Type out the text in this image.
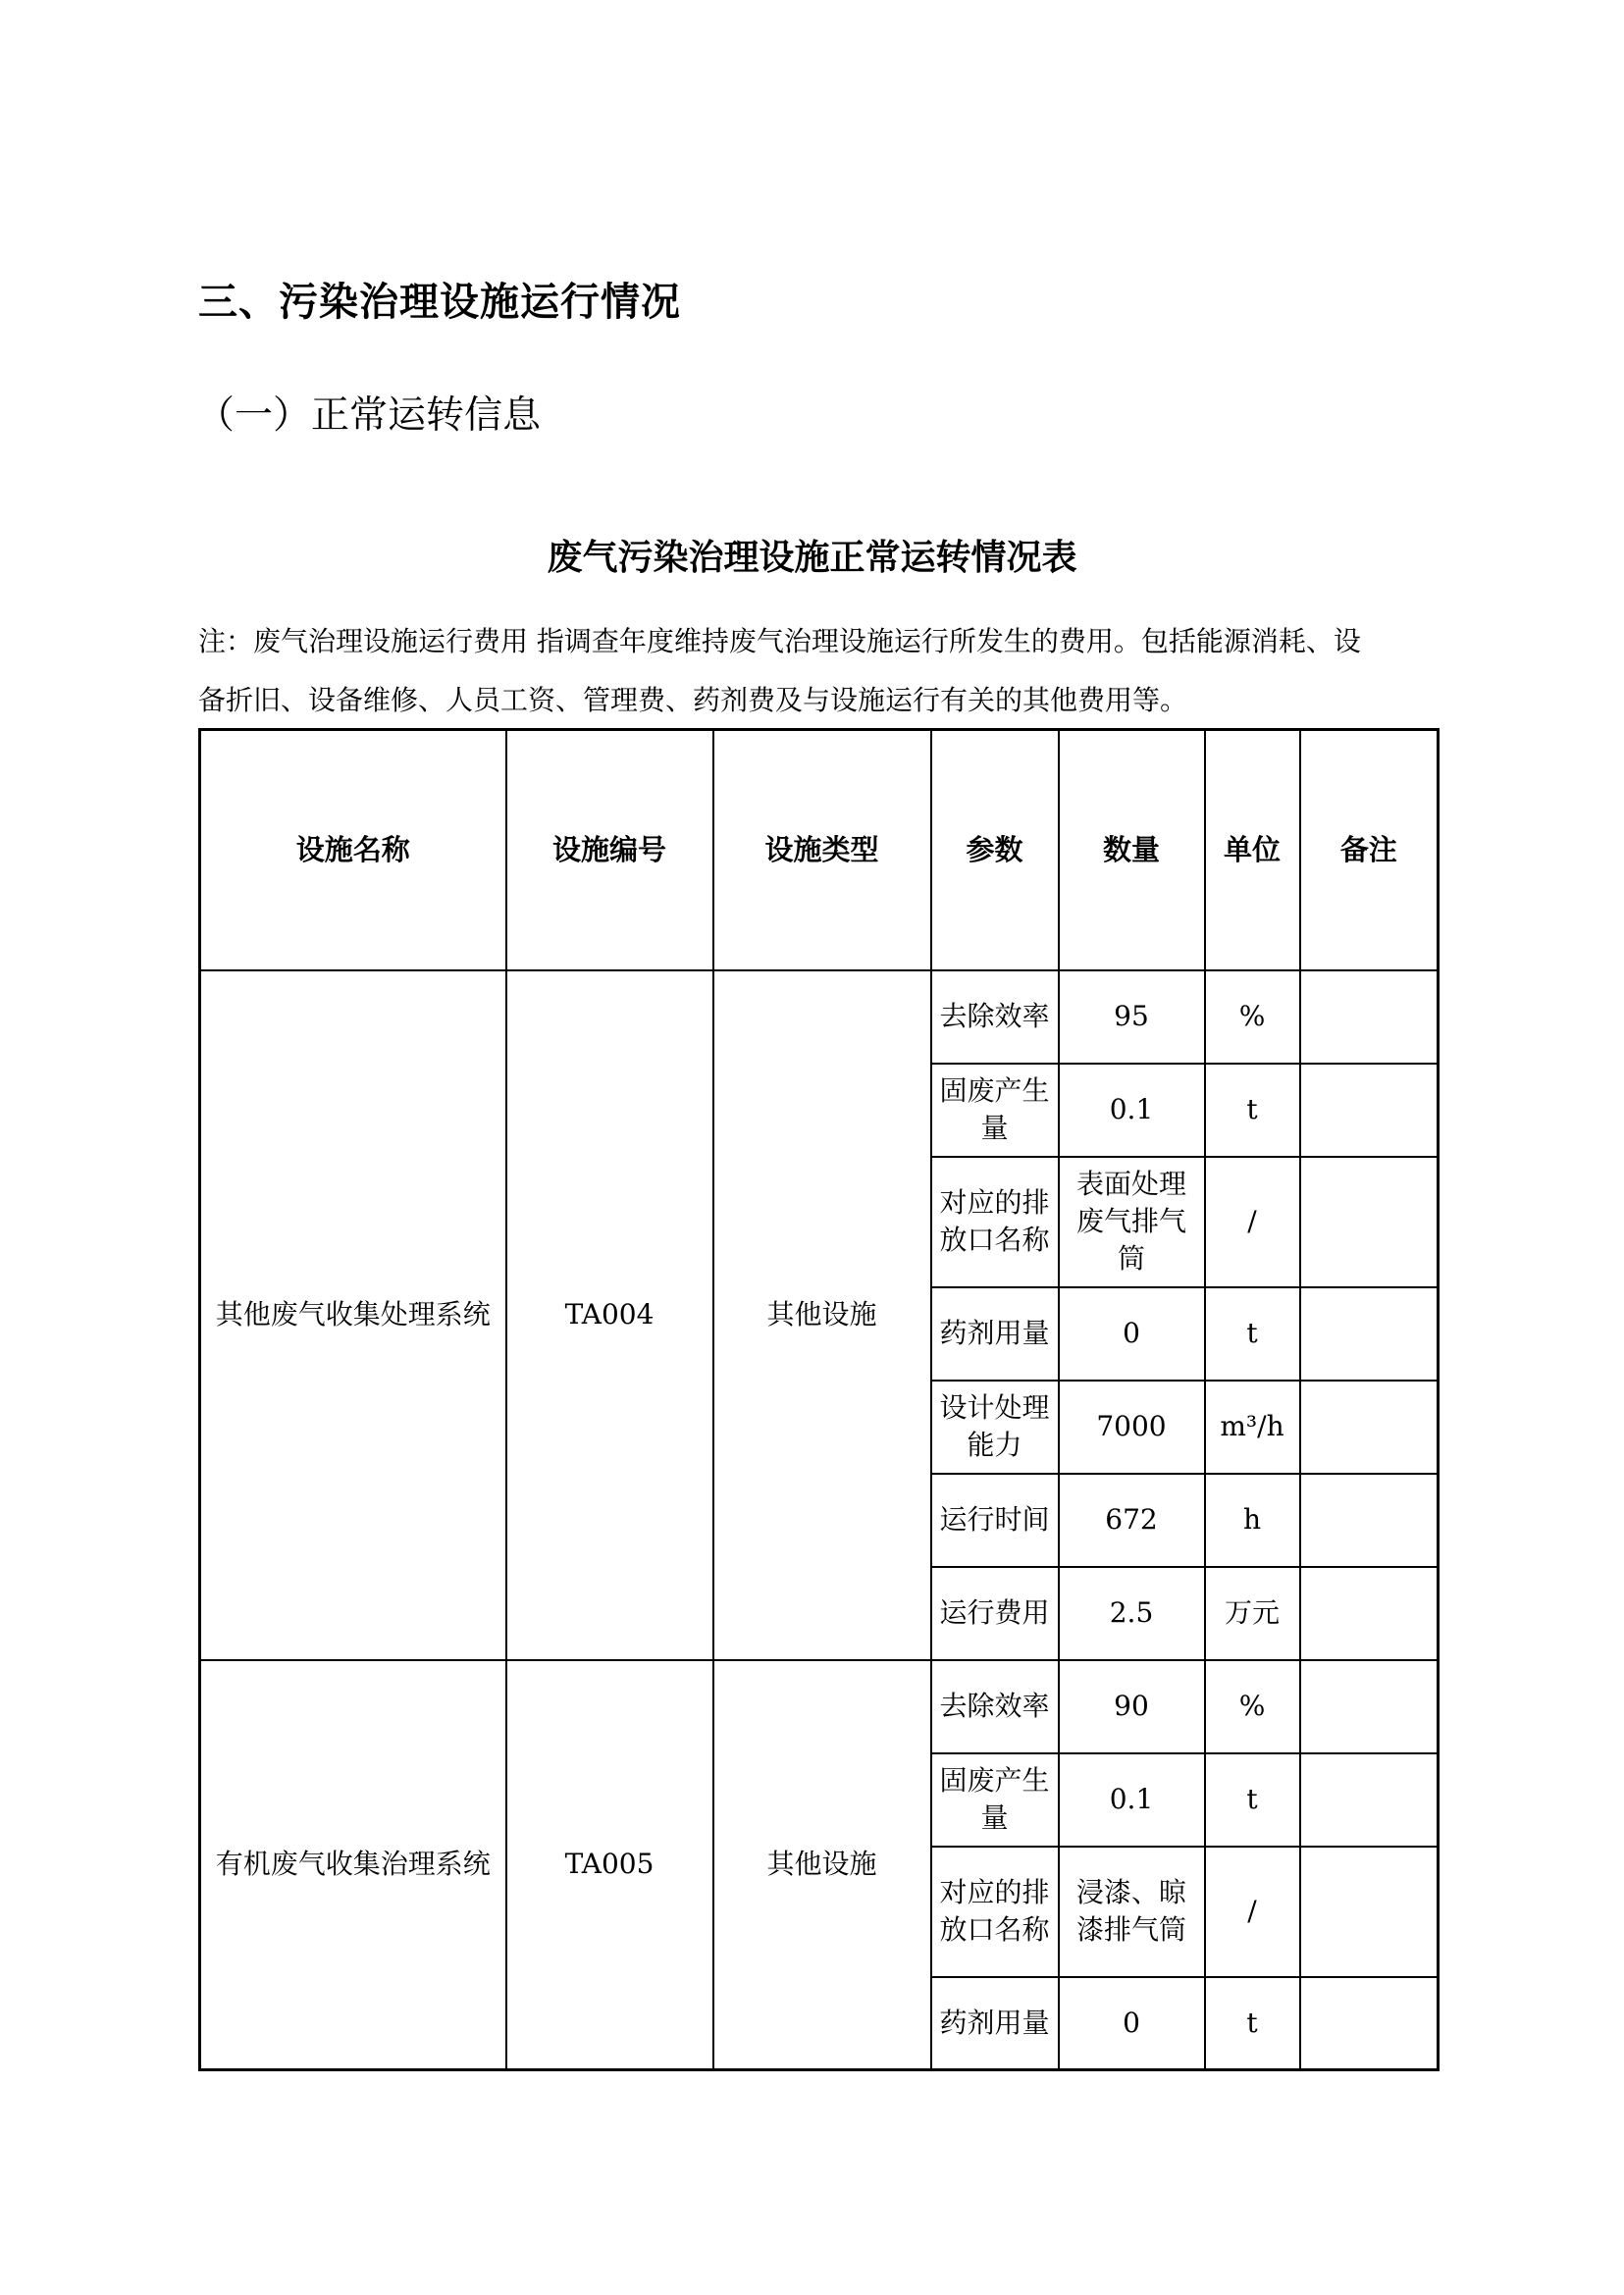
三、污染治理设施运行情况
（一）正常运转信息
废气污染治理设施正常运转情况表
注：废气治理设施运行费用 指调查年度维持废气治理设施运行所发生的费用。包括能源消耗、设
备折旧、设备维修、人员工资、管理费、药剂费及与设施运行有关的其他费用等。
设施名称	设施编号	设施类型	参数	数量	单位	备注
其他废气收集处理系统	TA004	其他设施	去除效率	95	%	
			固废产生量	0.1	t	
			对应的排放口名称	表面处理废气排气筒	/	
			药剂用量	0	t	
			设计处理能力	7000	m³/h	
			运行时间	672	h	
			运行费用	2.5	万元	
有机废气收集治理系统	TA005	其他设施	去除效率	90	%	
			固废产生量	0.1	t	
			对应的排放口名称	浸漆、晾漆排气筒	/	
			药剂用量	0	t	
